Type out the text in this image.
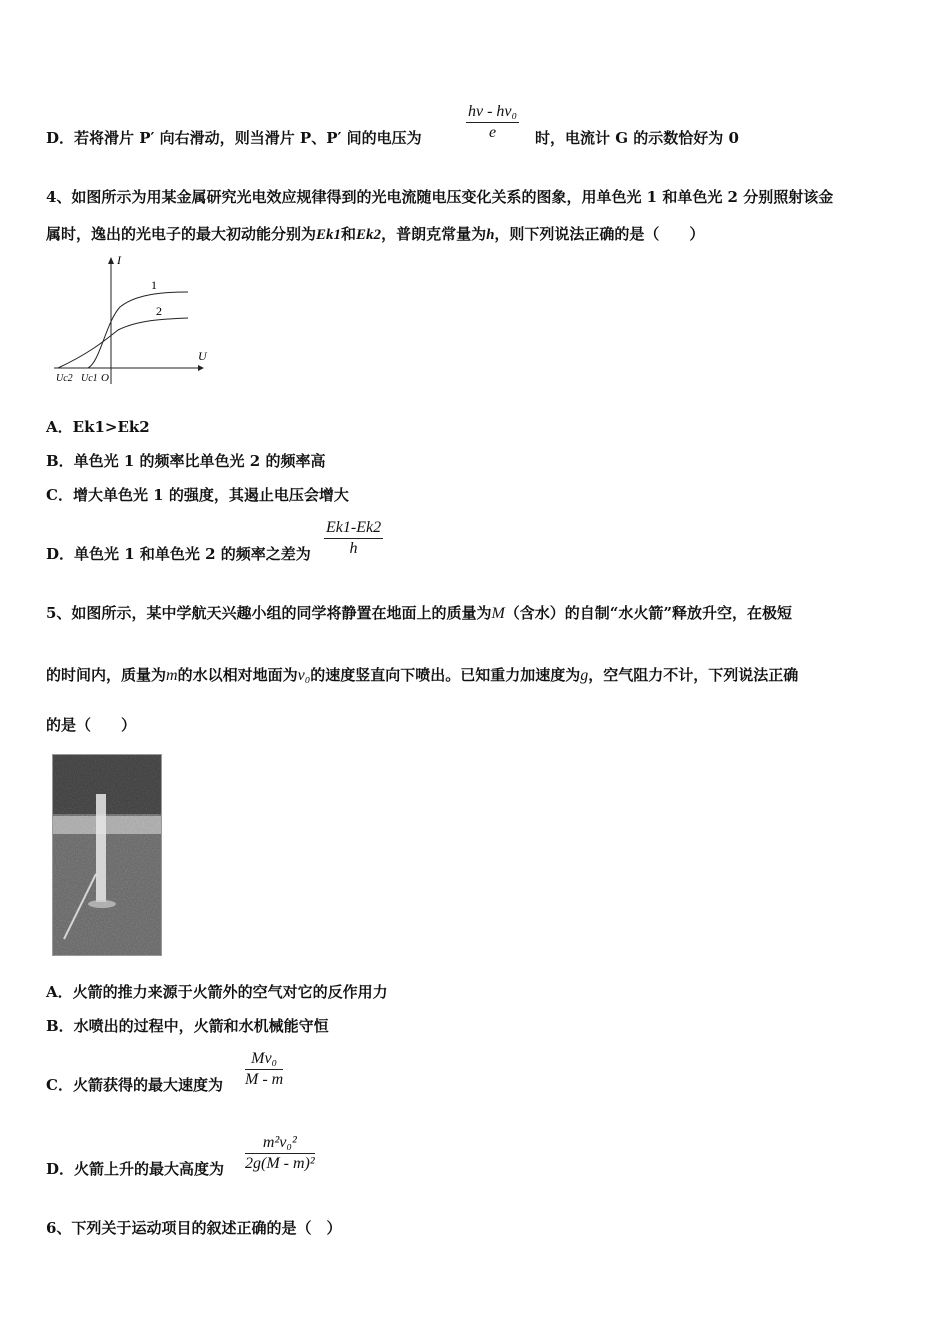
D．若将滑片 P′ 向右滑动，则当滑片 P、P′ 间的电压为	$\frac{\text{hν - hν₀}}{e}$ 时，电流计 G 的示数恰好为 0
4、如图所示为用某金属研究光电效应规律得到的光电流随电压变化关系的图象，用单色光 1 和单色光 2 分别照射该金
属时，逸出的光电子的最大初动能分别为Ek1和Ek2，普朗克常量为h，则下列说法正确的是（　　）
I
U
1
2
Uc2 Uc1 O
A．Ek1>Ek2
B．单色光 1 的频率比单色光 2 的频率高
C．增大单色光 1 的强度，其遏止电压会增大
D．单色光 1 和单色光 2 的频率之差为 $\frac{Ek1-Ek2}{h}$
5、如图所示，某中学航天兴趣小组的同学将静置在地面上的质量为M（含水）的自制“水火箭”释放升空，在极短
的时间内，质量为m的水以相对地面为v₀的速度竖直向下喷出。已知重力加速度为g，空气阻力不计，下列说法正确
的是（　　）
A．火箭的推力来源于火箭外的空气对它的反作用力
B．水喷出的过程中，火箭和水机械能守恒
C．火箭获得的最大速度为 $\frac{\text{Mv₀}}{M - m}$
D．火箭上升的最大高度为 $\frac{\text{m²v₀²}}{\text{2g(M - m)²}}$
6、下列关于运动项目的叙述正确的是（　）
